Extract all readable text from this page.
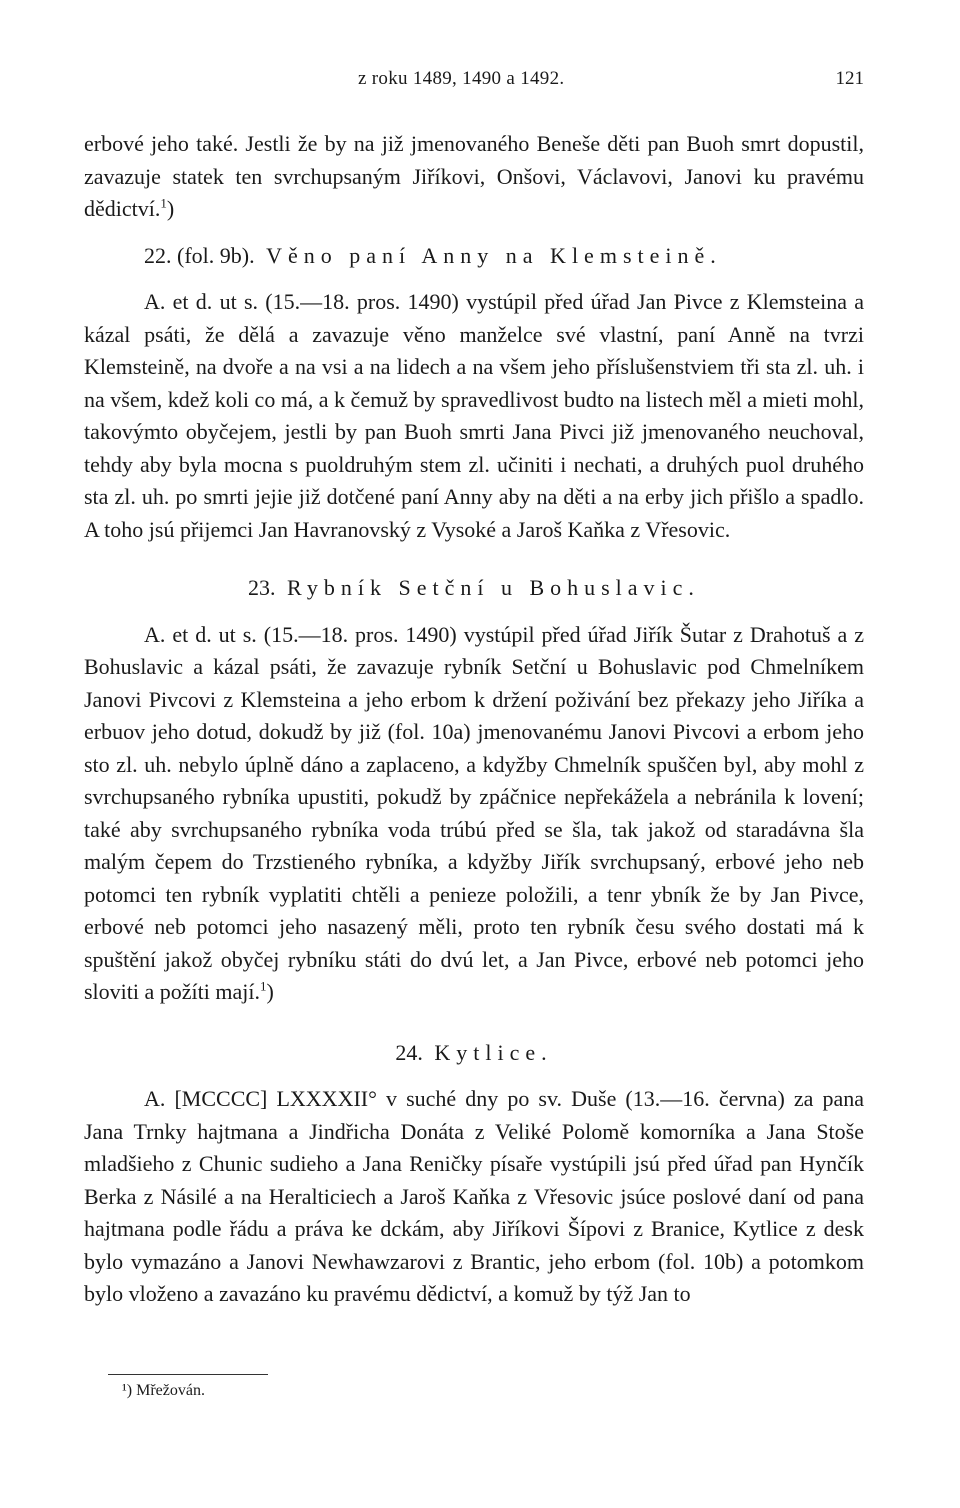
z roku 1489, 1490 a 1492.	121

erbové jeho také. Jestli že by na již jmenovaného Beneše děti pan Buoh smrt dopustil, zavazuje statek ten svrchupsaným Jiříkovi, Onšovi, Václavovi, Janovi ku pravému dědictví.$^1$)

22. (fol. 9b). Věno paní Anny na Klemsteině.

A. et d. ut s. (15.—18. pros. 1490) vystúpil před úřad Jan Pivce z Klemsteina a kázal psáti, že dělá a zavazuje věno manželce své vlastní, paní Anně na tvrzi Klemsteině, na dvoře a na vsi a na lidech a na všem jeho příslušenstviem tři sta zl. uh. i na všem, kdež koli co má, a k čemuž by spravedlivost budto na listech měl a mieti mohl, takovýmto obyčejem, jestli by pan Buoh smrti Jana Pivci již jmenovaného neuchoval, tehdy aby byla mocna s puoldruhým stem zl. učiniti i nechati, a druhých puol druhého sta zl. uh. po smrti jejie již dotčené paní Anny aby na děti a na erby jich přišlo a spadlo. A toho jsú přijemci Jan Havranovský z Vysoké a Jaroš Kaňka z Vřesovic.

23. Rybník Setční u Bohuslavic.

A. et d. ut s. (15.—18. pros. 1490) vystúpil před úřad Jiřík Šutar z Drahotuš a z Bohuslavic a kázal psáti, že zavazuje rybník Setční u Bohuslavic pod Chmelníkem Janovi Pivcovi z Klemsteina a jeho erbom k držení poživání bez překazy jeho Jiříka a erbuov jeho dotud, dokudž by již (fol. 10a) jmenovanému Janovi Pivcovi a erbom jeho sto zl. uh. nebylo úplně dáno a zaplaceno, a kdyžby Chmelník spuščen byl, aby mohl z svrchupsaného rybníka upustiti, pokudž by zpáčnice nepřekážela a nebránila k lovení; také aby svrchupsaného rybníka voda trúbú před se šla, tak jakož od staradávna šla malým čepem do Trzstieného rybníka, a kdyžby Jiřík svrchupsaný, erbové jeho neb potomci ten rybník vyplatiti chtěli a penieze položili, a tenr ybník že by Jan Pivce, erbové neb potomci jeho nasazený měli, proto ten rybník česu svého dostati má k spuštění jakož obyčej rybníku státi do dvú let, a Jan Pivce, erbové neb potomci jeho sloviti a požíti mají.$^1$)

24. Kytlice.

A. [MCCCC] LXXXXII° v suché dny po sv. Duše (13.—16. června) za pana Jana Trnky hajtmana a Jindřicha Donáta z Veliké Polomě komorníka a Jana Stoše mladšieho z Chunic sudieho a Jana Reničky písaře vystúpili jsú před úřad pan Hynčík Berka z Násilé a na Heralticiech a Jaroš Kaňka z Vřesovic jsúce poslové daní od pana hajtmana podle řádu a práva ke dckám, aby Jiříkovi Šípovi z Branice, Kytlice z desk bylo vymazáno a Janovi Newhawzarovi z Brantic, jeho erbom (fol. 10b) a potomkom bylo vloženo a zavazáno ku pravému dědictví, a komuž by týž Jan to

¹) Mřežován.
